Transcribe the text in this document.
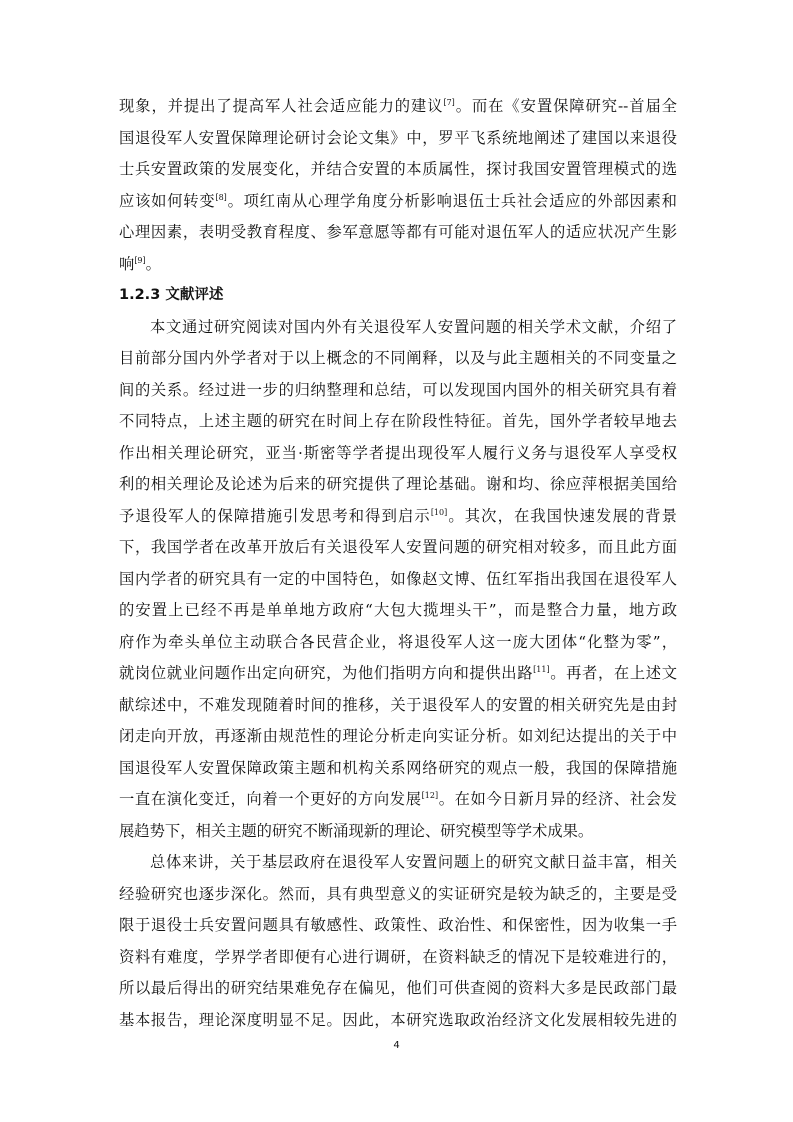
现象，并提出了提高军人社会适应能力的建议[7]。而在《安置保障研究--首届全
国退役军人安置保障理论研讨会论文集》中，罗平飞系统地阐述了建国以来退役
士兵安置政策的发展变化，并结合安置的本质属性，探讨我国安置管理模式的选
应该如何转变[8]。项红南从心理学角度分析影响退伍士兵社会适应的外部因素和
心理因素，表明受教育程度、参军意愿等都有可能对退伍军人的适应状况产生影
响[9]。
1.2.3 文献评述
本文通过研究阅读对国内外有关退役军人安置问题的相关学术文献，介绍了
目前部分国内外学者对于以上概念的不同阐释，以及与此主题相关的不同变量之
间的关系。经过进一步的归纳整理和总结，可以发现国内国外的相关研究具有着
不同特点，上述主题的研究在时间上存在阶段性特征。首先，国外学者较早地去
作出相关理论研究，亚当·斯密等学者提出现役军人履行义务与退役军人享受权
利的相关理论及论述为后来的研究提供了理论基础。谢和均、徐应萍根据美国给
予退役军人的保障措施引发思考和得到启示[10]。其次，在我国快速发展的背景
下，我国学者在改革开放后有关退役军人安置问题的研究相对较多，而且此方面
国内学者的研究具有一定的中国特色，如像赵文博、伍红军指出我国在退役军人
的安置上已经不再是单单地方政府“大包大揽埋头干”，而是整合力量，地方政
府作为牵头单位主动联合各民营企业，将退役军人这一庞大团体“化整为零”，
就岗位就业问题作出定向研究，为他们指明方向和提供出路[11]。再者，在上述文
献综述中，不难发现随着时间的推移，关于退役军人的安置的相关研究先是由封
闭走向开放，再逐渐由规范性的理论分析走向实证分析。如刘纪达提出的关于中
国退役军人安置保障政策主题和机构关系网络研究的观点一般，我国的保障措施
一直在演化变迁，向着一个更好的方向发展[12]。在如今日新月异的经济、社会发
展趋势下，相关主题的研究不断涌现新的理论、研究模型等学术成果。
总体来讲，关于基层政府在退役军人安置问题上的研究文献日益丰富，相关
经验研究也逐步深化。然而，具有典型意义的实证研究是较为缺乏的，主要是受
限于退役士兵安置问题具有敏感性、政策性、政治性、和保密性，因为收集一手
资料有难度，学界学者即便有心进行调研，在资料缺乏的情况下是较难进行的，
所以最后得出的研究结果难免存在偏见，他们可供查阅的资料大多是民政部门最
基本报告，理论深度明显不足。因此，本研究选取政治经济文化发展相较先进的
4
